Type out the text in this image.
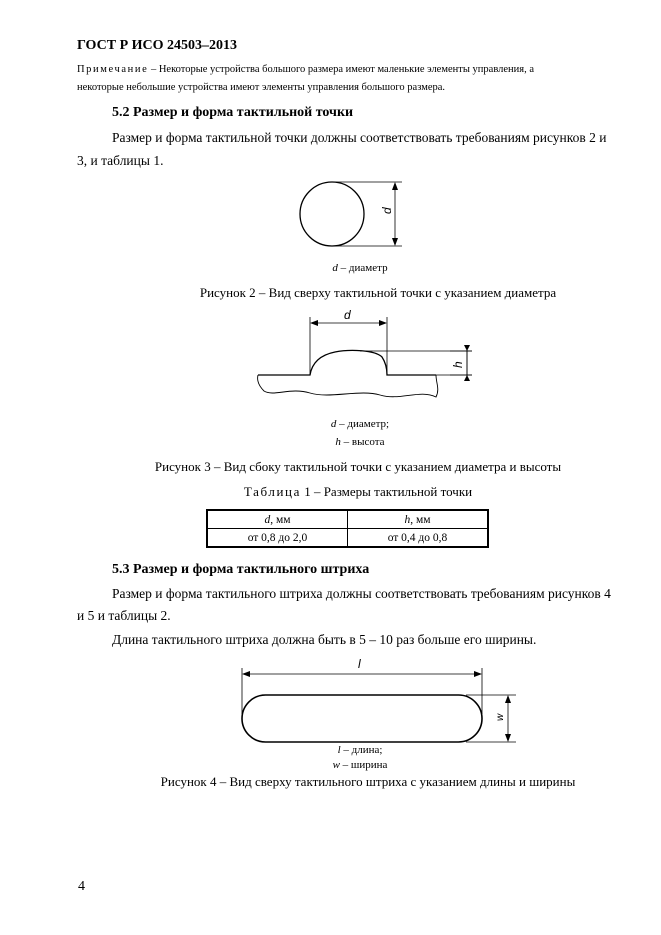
ГОСТ Р ИСО 24503–2013
Примечание – Некоторые устройства большого размера имеют маленькие элементы управления, а
некоторые небольшие устройства имеют элементы управления большого размера.
5.2 Размер и форма тактильной точки
Размер и форма тактильной точки должны соответствовать требованиям рисунков 2 и
3, и таблицы 1.
d
d – диаметр
Рисунок 2 – Вид сверху тактильной точки с указанием диаметра
d
h
d – диаметр;
h – высота
Рисунок 3 – Вид сбоку тактильной точки с указанием диаметра и высоты
Таблица 1 – Размеры тактильной точки
d, мм	h, мм
от 0,8 до 2,0	от 0,4 до 0,8
5.3 Размер и форма тактильного штриха
Размер и форма тактильного штриха должны соответствовать требованиям рисунков 4
и 5 и таблицы 2.
Длина тактильного штриха должна быть в 5 – 10 раз больше его ширины.
l
w
l – длина;
w – ширина
Рисунок 4 – Вид сверху тактильного штриха с указанием длины и ширины
4
